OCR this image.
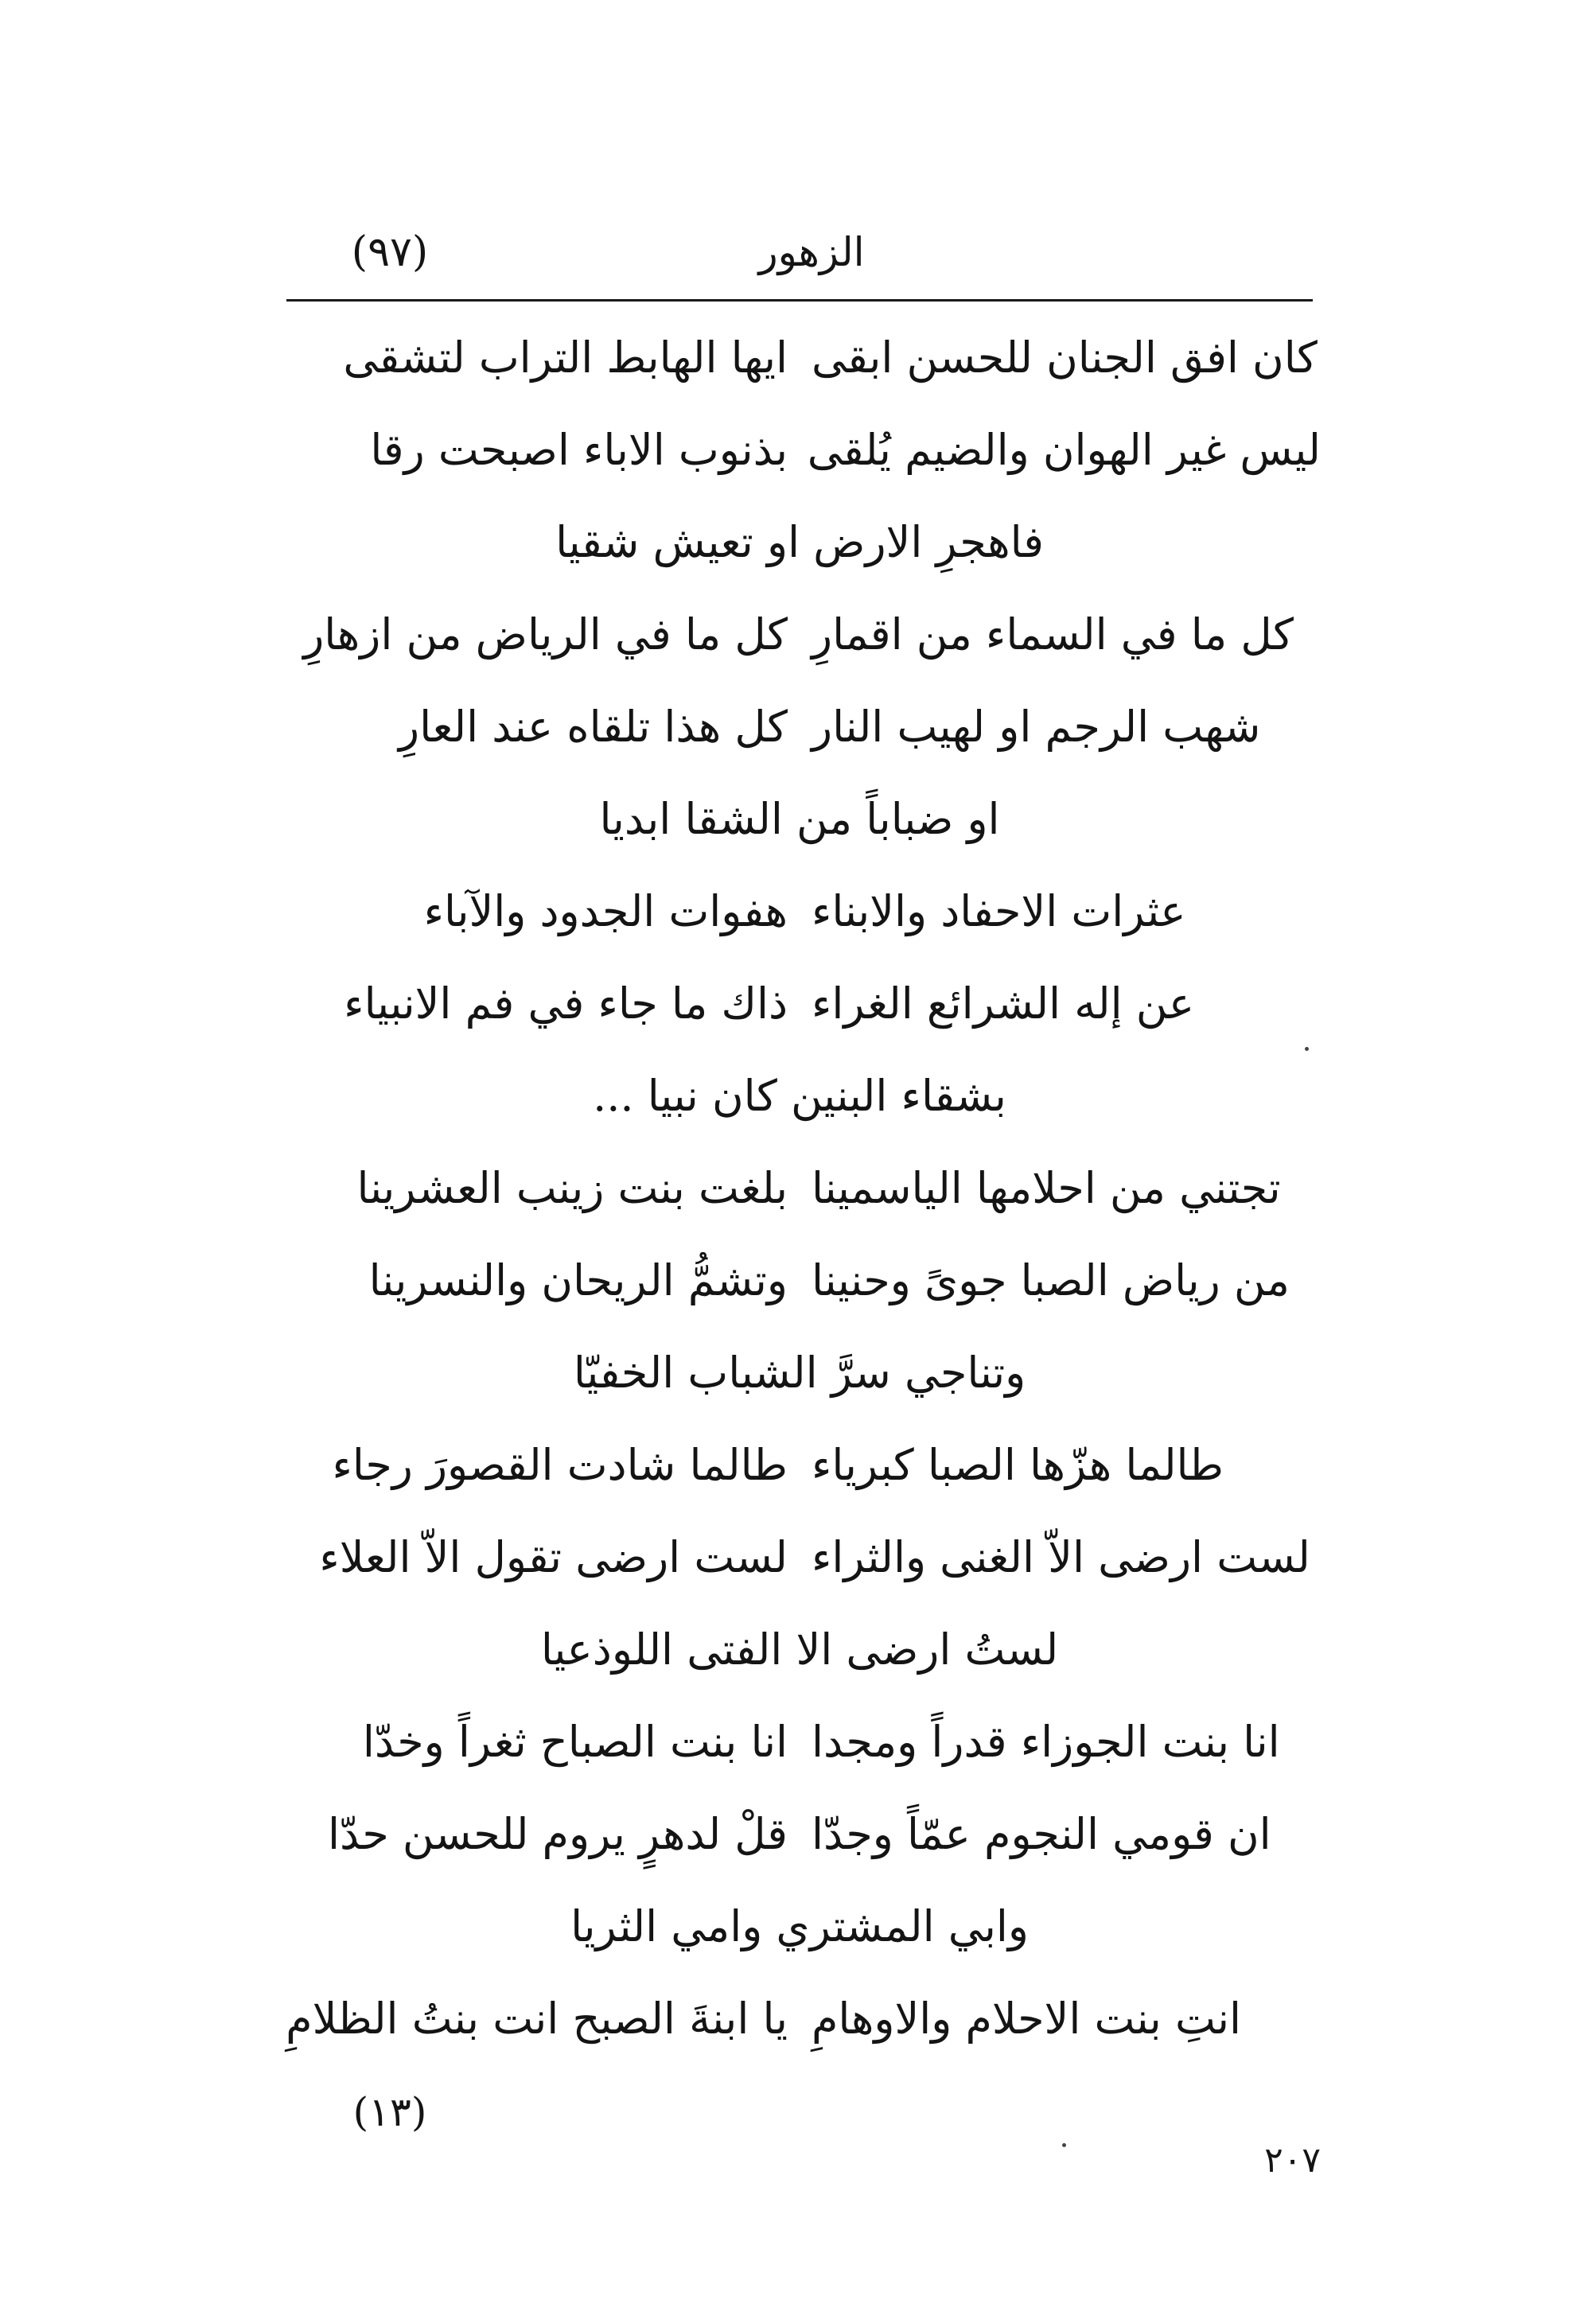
(٩٧)	الزهور
ايها الهابط التراب لتشقى كان افق الجنان للحسن ابقى
بذنوب الاباء اصبحت رقا ليس غير الهوان والضيم يُلقى
فاهجرِ الارض او تعيش شقيا
كل ما في الرياض من ازهارِ كل ما في السماء من اقمارِ
كل هذا تلقاه عند العارِ شهب الرجم او لهيب النار
او ضباباً من الشقا ابديا
هفوات الجدود والآباء عثرات الاحفاد والابناء
ذاك ما جاء في فم الانبياء عن إله الشرائع الغراء
بشقاء البنين كان نبيا ...
بلغت بنت زينب العشرينا تجتني من احلامها الياسمينا
وتشمُّ الريحان والنسرينا من رياض الصبا جوىً وحنينا
وتناجي سرَّ الشباب الخفيّا
طالما شادت القصورَ رجاء طالما هزّها الصبا كبرياء
لست ارضى تقول الاّ العلاء لست ارضى الاّ الغنى والثراء
لستُ ارضى الا الفتى اللوذعيا
انا بنت الصباح ثغراً وخدّا انا بنت الجوزاء قدراً ومجدا
قلْ لدهرٍ يروم للحسن حدّا ان قومي النجوم عمّاً وجدّا
وابي المشتري وامي الثريا
يا ابنةَ الصبح انت بنتُ الظلامِ انتِ بنت الاحلام والاوهامِ
(١٣)
٢٠٧
